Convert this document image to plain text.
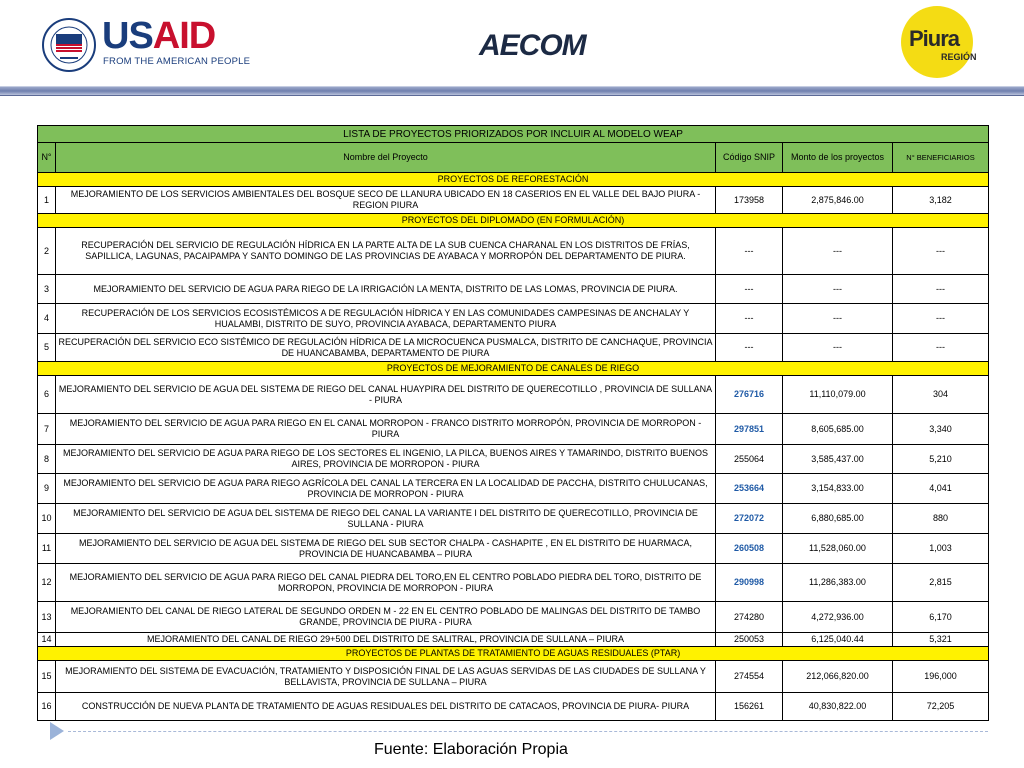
USAID
FROM THE AMERICAN PEOPLE	AECOM	Piura
REGIÓN
LISTA DE PROYECTOS PRIORIZADOS POR INCLUIR AL MODELO WEAP				
N°	Nombre del Proyecto	Código SNIP	Monto de los proyectos	N° BENEFICIARIOS
PROYECTOS DE REFORESTACIÓN				
1	MEJORAMIENTO DE LOS SERVICIOS AMBIENTALES DEL BOSQUE SECO DE LLANURA UBICADO EN 18 CASERIOS EN EL VALLE DEL BAJO PIURA - REGION PIURA	173958	2,875,846.00	3,182
PROYECTOS DEL DIPLOMADO (EN FORMULACIÓN)				
2	RECUPERACIÓN DEL SERVICIO DE REGULACIÓN HÍDRICA EN LA PARTE ALTA DE LA SUB CUENCA CHARANAL EN LOS DISTRITOS DE FRÍAS, SAPILLICA, LAGUNAS, PACAIPAMPA Y SANTO DOMINGO DE LAS PROVINCIAS DE AYABACA Y MORROPÓN DEL DEPARTAMENTO DE PIURA.	---	---	---
3	MEJORAMIENTO DEL SERVICIO DE AGUA PARA RIEGO DE LA IRRIGACIÓN LA MENTA, DISTRITO DE LAS LOMAS, PROVINCIA DE PIURA.	---	---	---
4	RECUPERACIÓN DE LOS SERVICIOS ECOSISTÉMICOS A DE REGULACIÓN HÍDRICA Y EN LAS COMUNIDADES CAMPESINAS DE ANCHALAY Y HUALAMBI, DISTRITO DE SUYO, PROVINCIA AYABACA, DEPARTAMENTO PIURA	---	---	---
5	RECUPERACIÓN DEL SERVICIO ECO SISTÉMICO DE REGULACIÓN HÍDRICA DE LA MICROCUENCA PUSMALCA, DISTRITO DE CANCHAQUE, PROVINCIA DE HUANCABAMBA, DEPARTAMENTO DE PIURA	---	---	---
PROYECTOS DE MEJORAMIENTO DE CANALES DE RIEGO				
6	MEJORAMIENTO DEL SERVICIO DE AGUA DEL SISTEMA DE RIEGO DEL CANAL HUAYPIRA DEL DISTRITO DE QUERECOTILLO , PROVINCIA DE SULLANA - PIURA	276716	11,110,079.00	304
7	MEJORAMIENTO DEL SERVICIO DE AGUA PARA RIEGO EN EL CANAL MORROPON - FRANCO DISTRITO MORROPÓN, PROVINCIA DE MORROPON - PIURA	297851	8,605,685.00	3,340
8	MEJORAMIENTO DEL SERVICIO DE AGUA PARA RIEGO DE LOS SECTORES EL INGENIO, LA PILCA, BUENOS AIRES Y TAMARINDO, DISTRITO BUENOS AIRES, PROVINCIA DE MORROPON - PIURA	255064	3,585,437.00	5,210
9	MEJORAMIENTO DEL SERVICIO DE AGUA PARA RIEGO AGRÍCOLA DEL CANAL LA TERCERA EN LA LOCALIDAD DE PACCHA, DISTRITO CHULUCANAS, PROVINCIA DE MORROPON - PIURA	253664	3,154,833.00	4,041
10	MEJORAMIENTO DEL SERVICIO DE AGUA DEL SISTEMA DE RIEGO DEL CANAL LA VARIANTE I DEL DISTRITO DE QUERECOTILLO, PROVINCIA DE SULLANA - PIURA	272072	6,880,685.00	880
11	MEJORAMIENTO DEL SERVICIO DE AGUA DEL SISTEMA DE RIEGO DEL SUB SECTOR CHALPA - CASHAPITE , EN EL DISTRITO DE HUARMACA, PROVINCIA DE HUANCABAMBA – PIURA	260508	11,528,060.00	1,003
12	MEJORAMIENTO DEL SERVICIO DE AGUA PARA RIEGO DEL CANAL PIEDRA DEL TORO,EN EL CENTRO POBLADO PIEDRA DEL TORO, DISTRITO DE MORROPON, PROVINCIA DE MORROPON - PIURA	290998	11,286,383.00	2,815
13	MEJORAMIENTO DEL CANAL DE RIEGO LATERAL DE SEGUNDO ORDEN M - 22 EN EL CENTRO POBLADO DE MALINGAS DEL DISTRITO DE TAMBO GRANDE, PROVINCIA DE PIURA - PIURA	274280	4,272,936.00	6,170
14	MEJORAMIENTO DEL CANAL DE RIEGO 29+500 DEL DISTRITO DE SALITRAL, PROVINCIA DE SULLANA – PIURA	250053	6,125,040.44	5,321
PROYECTOS DE PLANTAS DE TRATAMIENTO DE AGUAS RESIDUALES (PTAR)				
15	MEJORAMIENTO DEL SISTEMA DE EVACUACIÓN, TRATAMIENTO Y DISPOSICIÓN FINAL DE LAS AGUAS SERVIDAS DE LAS CIUDADES DE SULLANA Y BELLAVISTA, PROVINCIA DE SULLANA – PIURA	274554	212,066,820.00	196,000
16	CONSTRUCCIÓN DE NUEVA PLANTA DE TRATAMIENTO DE AGUAS RESIDUALES DEL DISTRITO DE CATACAOS, PROVINCIA DE PIURA- PIURA	156261	40,830,822.00	72,205
Fuente: Elaboración Propia
